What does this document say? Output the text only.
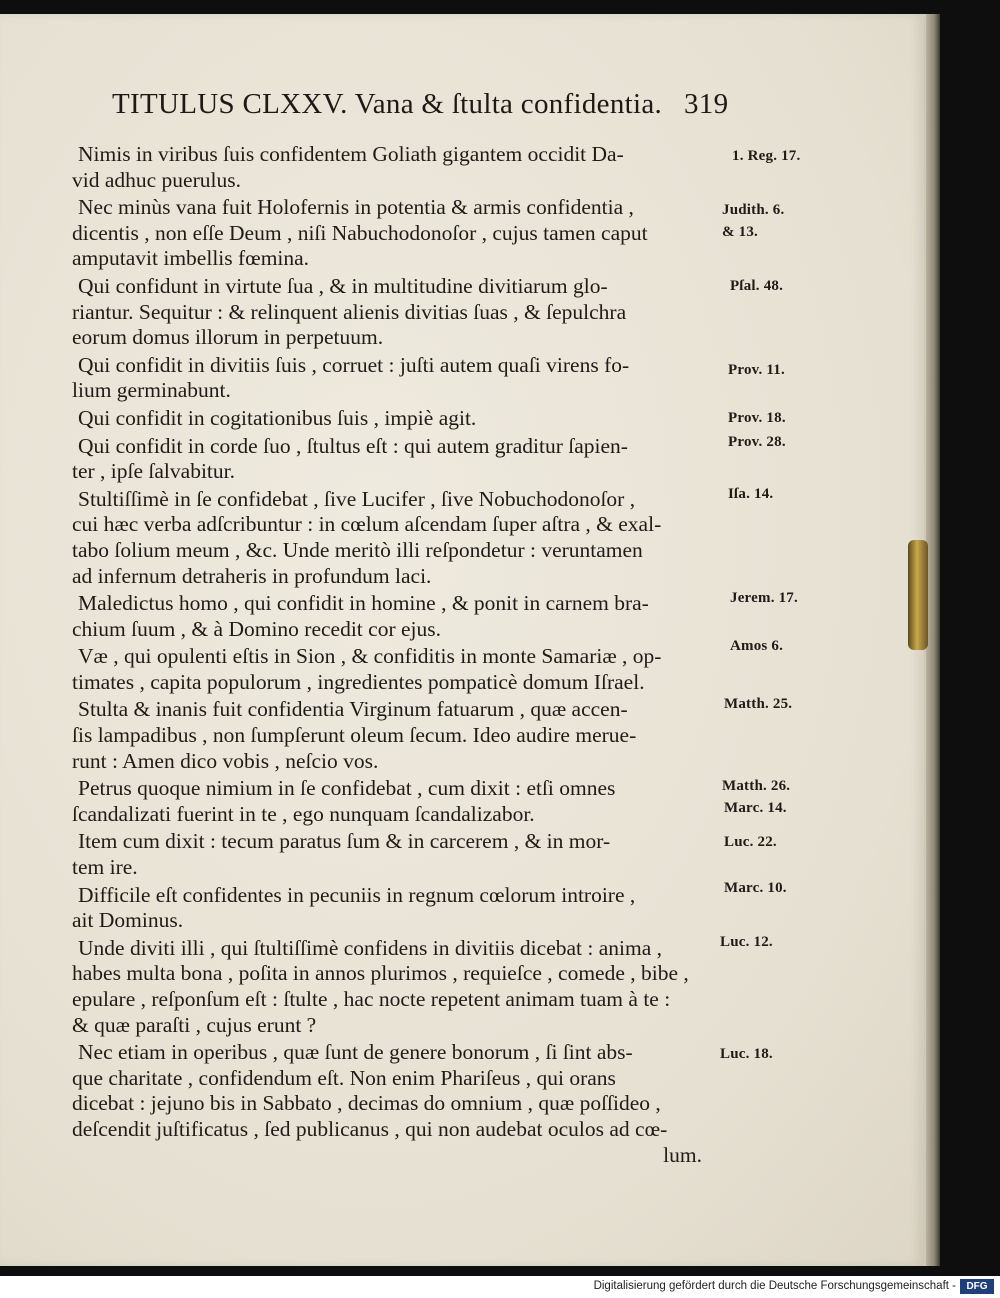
TITULUS CLXXV. Vana & ſtulta confidentia. 319
Nimis in viribus ſuis confidentem Goliath gigantem occidit Da-
vid adhuc puerulus.
Nec minùs vana fuit Holofernis in potentia & armis confidentia ,
dicentis , non eſſe Deum , niſi Nabuchodonoſor , cujus tamen caput
amputavit imbellis fœmina.
Qui confidunt in virtute ſua , & in multitudine divitiarum glo-
riantur. Sequitur : & relinquent alienis divitias ſuas , & ſepulchra
eorum domus illorum in perpetuum.
Qui confidit in divitiis ſuis , corruet : juſti autem quaſi virens fo-
lium germinabunt.
Qui confidit in cogitationibus ſuis , impiè agit.
Qui confidit in corde ſuo , ſtultus eſt : qui autem graditur ſapien-
ter , ipſe ſalvabitur.
Stultiſſimè in ſe confidebat , ſive Lucifer , ſive Nobuchodonoſor ,
cui hæc verba adſcribuntur : in cœlum aſcendam ſuper aſtra , & exal-
tabo ſolium meum , &c. Unde meritò illi reſpondetur : veruntamen
ad infernum detraheris in profundum laci.
Maledictus homo , qui confidit in homine , & ponit in carnem bra-
chium ſuum , & à Domino recedit cor ejus.
Væ , qui opulenti eſtis in Sion , & confiditis in monte Samariæ , op-
timates , capita populorum , ingredientes pompaticè domum Iſrael.
Stulta & inanis fuit confidentia Virginum fatuarum , quæ accen-
ſis lampadibus , non ſumpſerunt oleum ſecum. Ideo audire merue-
runt : Amen dico vobis , neſcio vos.
Petrus quoque nimium in ſe confidebat , cum dixit : etſi omnes
ſcandalizati fuerint in te , ego nunquam ſcandalizabor.
Item cum dixit : tecum paratus ſum & in carcerem , & in mor-
tem ire.
Difficile eſt confidentes in pecuniis in regnum cœlorum introire ,
ait Dominus.
Unde diviti illi , qui ſtultiſſimè confidens in divitiis dicebat : anima ,
habes multa bona , poſita in annos plurimos , requieſce , comede , bibe ,
epulare , reſponſum eſt : ſtulte , hac nocte repetent animam tuam à te :
& quæ paraſti , cujus erunt ?
Nec etiam in operibus , quæ ſunt de genere bonorum , ſi ſint abs-
que charitate , confidendum eſt. Non enim Phariſeus , qui orans
dicebat : jejuno bis in Sabbato , decimas do omnium , quæ poſſideo ,
deſcendit juſtificatus , ſed publicanus , qui non audebat oculos ad cœ-
lum.
1. Reg. 17.
Judith. 6.
& 13.
Pſal. 48.
Prov. 11.
Prov. 18.
Prov. 28.
Iſa. 14.
Jerem. 17.
Amos 6.
Matth. 25.
Matth. 26.
Marc. 14.
Luc. 22.
Marc. 10.
Luc. 12.
Luc. 18.
Digitalisierung gefördert durch die Deutsche Forschungsgemeinschaft -	DFG
